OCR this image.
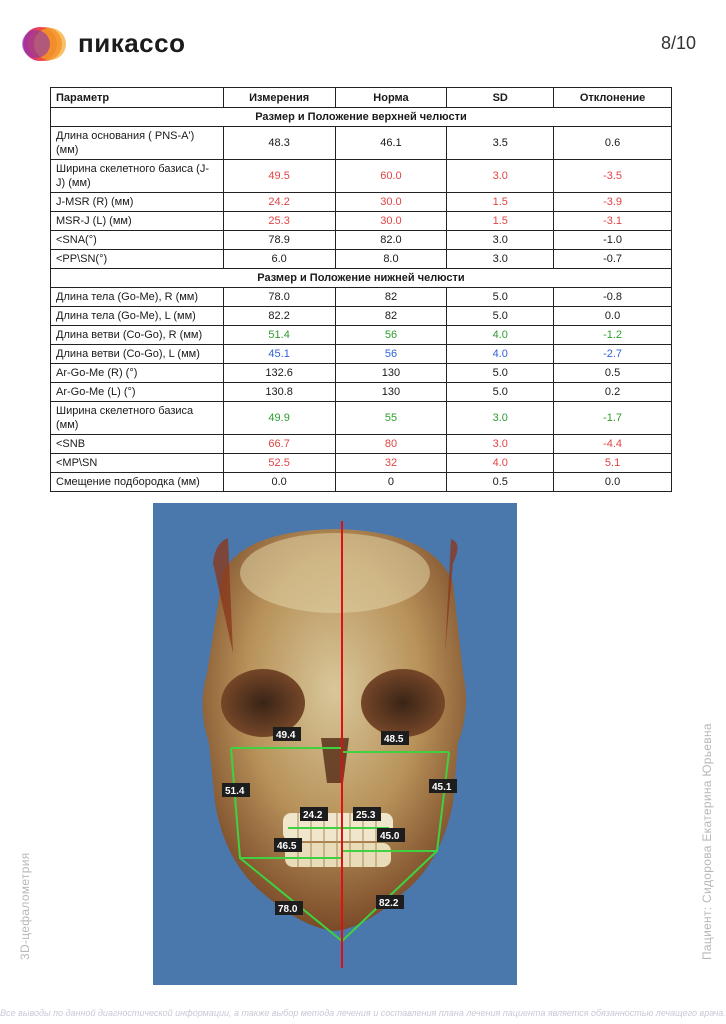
пикассо	8/10
Параметр	Измерения	Норма	SD	Отклонение
Размер и Положение верхней челюсти				
Длина основания ( PNS-A') (мм)	48.3	46.1	3.5	0.6
Ширина скелетного базиса (J-J) (мм)	49.5	60.0	3.0	-3.5
J-MSR (R) (мм)	24.2	30.0	1.5	-3.9
MSR-J (L) (мм)	25.3	30.0	1.5	-3.1
<SNA(°)	78.9	82.0	3.0	-1.0
<PP\SN(°)	6.0	8.0	3.0	-0.7
Размер и Положение нижней челюсти				
Длина тела (Go-Me), R (мм)	78.0	82	5.0	-0.8
Длина тела (Go-Me), L (мм)	82.2	82	5.0	0.0
Длина ветви (Co-Go), R (мм)	51.4	56	4.0	-1.2
Длина ветви (Co-Go), L (мм)	45.1	56	4.0	-2.7
Ar-Go-Me (R) (°)	132.6	130	5.0	0.5
Ar-Go-Me (L) (°)	130.8	130	5.0	0.2
Ширина скелетного базиса (мм)	49.9	55	3.0	-1.7
<SNB	66.7	80	3.0	-4.4
<MP\SN	52.5	32	4.0	5.1
Смещение подбородка (мм)	0.0	0	0.5	0.0
49.4	48.5
51.4	45.1
24.2	25.3
45.0
46.5
78.0
82.2
3D-цефалометрия	Пациент: Сидорова Екатерина Юрьевна
Все выводы по данной диагностической информации, а также выбор метода лечения и составления плана лечения пациента является обязанностью лечащего врача.
